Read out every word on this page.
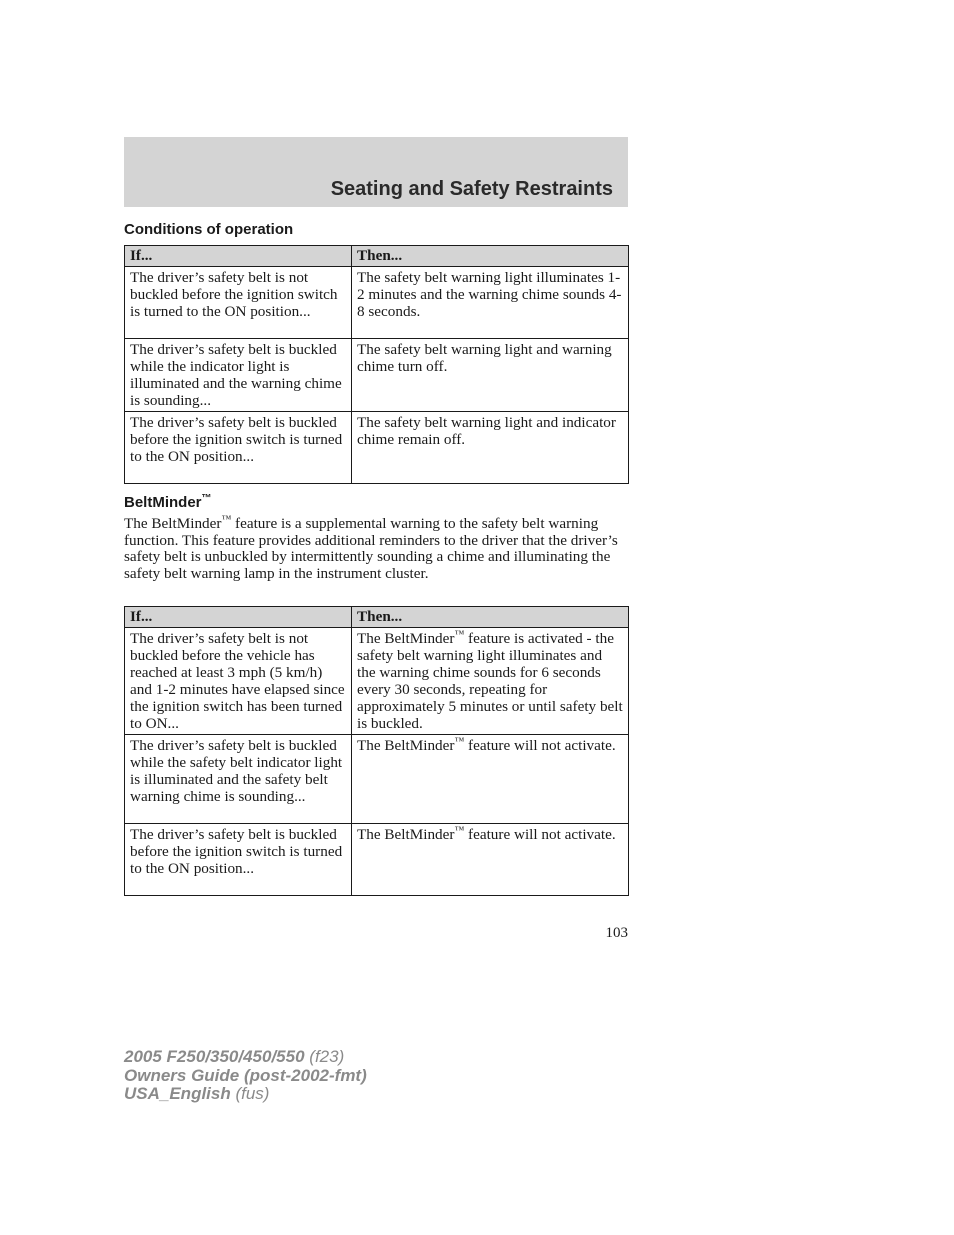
Seating and Safety Restraints
Conditions of operation
If...	Then...
The driver’s safety belt is not buckled before the ignition switch is turned to the ON position...	The safety belt warning light illuminates 1-2 minutes and the warning chime sounds 4-8 seconds.
The driver’s safety belt is buckled while the indicator light is illuminated and the warning chime is sounding...	The safety belt warning light and warning chime turn off.
The driver’s safety belt is buckled before the ignition switch is turned to the ON position...	The safety belt warning light and indicator chime remain off.
BeltMinder™
The BeltMinder™ feature is a supplemental warning to the safety belt warning function. This feature provides additional reminders to the driver that the driver’s safety belt is unbuckled by intermittently sounding a chime and illuminating the safety belt warning lamp in the instrument cluster.
If...	Then...
The driver’s safety belt is not buckled before the vehicle has reached at least 3 mph (5 km/h) and 1-2 minutes have elapsed since the ignition switch has been turned to ON...	The BeltMinder™ feature is activated - the safety belt warning light illuminates and the warning chime sounds for 6 seconds every 30 seconds, repeating for approximately 5 minutes or until safety belt is buckled.
The driver’s safety belt is buckled while the safety belt indicator light is illuminated and the safety belt warning chime is sounding...	The BeltMinder™ feature will not activate.
The driver’s safety belt is buckled before the ignition switch is turned to the ON position...	The BeltMinder™ feature will not activate.
103
2005 F250/350/450/550 (f23)
Owners Guide (post-2002-fmt)
USA_English (fus)
